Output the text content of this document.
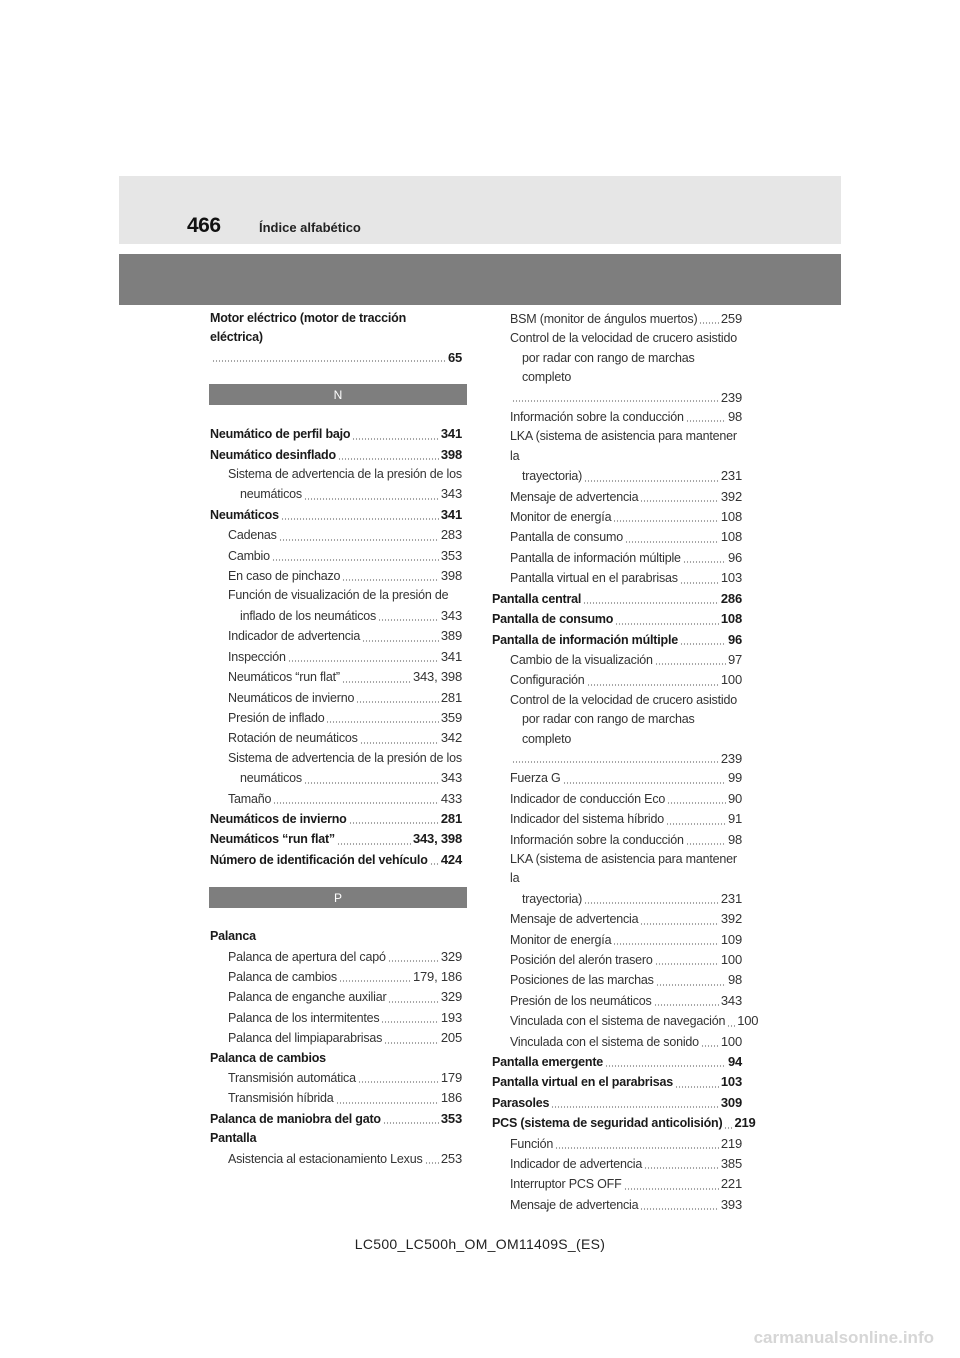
466	Índice alfabético
Motor eléctrico (motor de tracción eléctrica)
65
N
Neumático de perfil bajo	341
Neumático desinflado	398
Sistema de advertencia de la presión de los
neumáticos	343
Neumáticos	341
Cadenas	283
Cambio	353
En caso de pinchazo	398
Función de visualización de la presión de
inflado de los neumáticos	343
Indicador de advertencia	389
Inspección	341
Neumáticos “run flat”	343, 398
Neumáticos de invierno	281
Presión de inflado	359
Rotación de neumáticos	342
Sistema de advertencia de la presión de los
neumáticos	343
Tamaño	433
Neumáticos de invierno	281
Neumáticos “run flat”	343, 398
Número de identificación del vehículo 424
P
Palanca
Palanca de apertura del capó	329
Palanca de cambios	179, 186
Palanca de enganche auxiliar	329
Palanca de los intermitentes	193
Palanca del limpiaparabrisas	205
Palanca de cambios
Transmisión automática	179
Transmisión híbrida	186
Palanca de maniobra del gato	353
Pantalla
Asistencia al estacionamiento Lexus 253
BSM (monitor de ángulos muertos) 259
Control de la velocidad de crucero asistido
por radar con rango de marchas completo
239
Información sobre la conducción	98
LKA (sistema de asistencia para mantener la
trayectoria)	231
Mensaje de advertencia	392
Monitor de energía	108
Pantalla de consumo	108
Pantalla de información múltiple	96
Pantalla virtual en el parabrisas	103
Pantalla central	286
Pantalla de consumo	108
Pantalla de información múltiple	96
Cambio de la visualización	97
Configuración	100
Control de la velocidad de crucero asistido
por radar con rango de marchas completo
239
Fuerza G	99
Indicador de conducción Eco	90
Indicador del sistema híbrido	91
Información sobre la conducción	98
LKA (sistema de asistencia para mantener la
trayectoria)	231
Mensaje de advertencia	392
Monitor de energía	109
Posición del alerón trasero	100
Posiciones de las marchas	98
Presión de los neumáticos	343
Vinculada con el sistema de navegación 100
Vinculada con el sistema de sonido 100
Pantalla emergente	94
Pantalla virtual en el parabrisas	103
Parasoles	309
PCS (sistema de seguridad anticolisión) 219
Función	219
Indicador de advertencia	385
Interruptor PCS OFF	221
Mensaje de advertencia	393
LC500_LC500h_OM_OM11409S_(ES)
carmanualsonline.info
